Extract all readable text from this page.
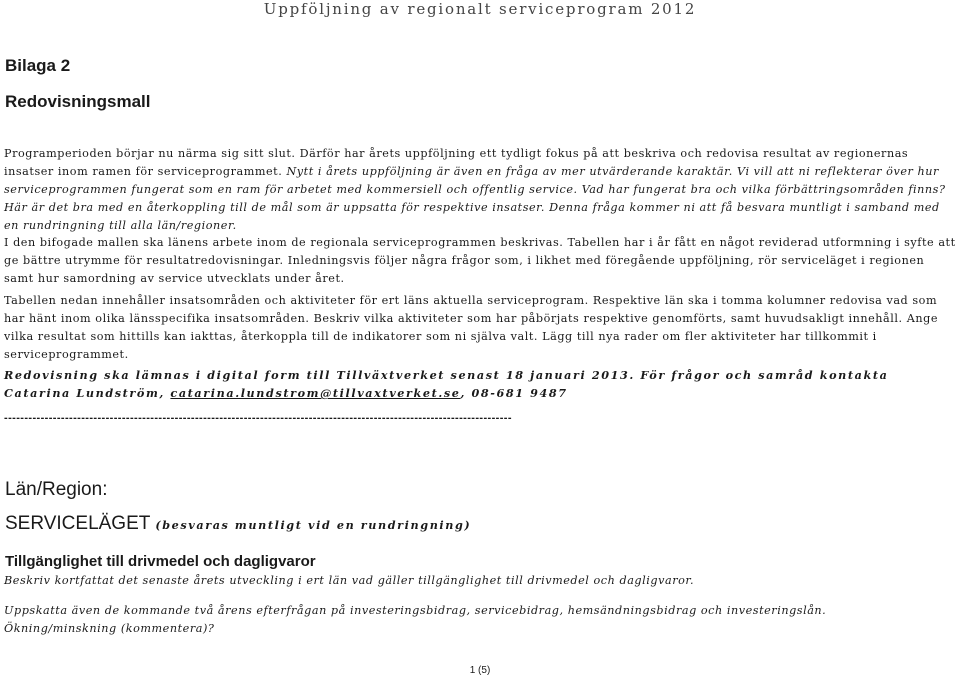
Uppföljning av regionalt serviceprogram 2012
Bilaga 2
Redovisningsmall
Programperioden börjar nu närma sig sitt slut. Därför har årets uppföljning ett tydligt fokus på att beskriva och redovisa resultat av regionernas insatser inom ramen för serviceprogrammet. Nytt i årets uppföljning är även en fråga av mer utvärderande karaktär. Vi vill att ni reflekterar över hur serviceprogrammen fungerat som en ram för arbetet med kommersiell och offentlig service. Vad har fungerat bra och vilka förbättringsområden finns? Här är det bra med en återkoppling till de mål som är uppsatta för respektive insatser. Denna fråga kommer ni att få besvara muntligt i samband med en rundringning till alla län/regioner.
I den bifogade mallen ska länens arbete inom de regionala serviceprogrammen beskrivas. Tabellen har i år fått en något reviderad utformning i syfte att ge bättre utrymme för resultatredovisningar. Inledningsvis följer några frågor som, i likhet med föregående uppföljning, rör serviceläget i regionen samt hur samordning av service utvecklats under året.
Tabellen nedan innehåller insatsområden och aktiviteter för ert läns aktuella serviceprogram. Respektive län ska i tomma kolumner redovisa vad som har hänt inom olika länsspecifika insatsområden. Beskriv vilka aktiviteter som har påbörjats respektive genomförts, samt huvudsakligt innehåll. Ange vilka resultat som hittills kan iakttas, återkoppla till de indikatorer som ni själva valt. Lägg till nya rader om fler aktiviteter har tillkommit i serviceprogrammet.
Redovisning ska lämnas i digital form till Tillväxtverket senast 18 januari 2013. För frågor och samråd kontakta Catarina Lundström, catarina.lundstrom@tillvaxtverket.se, 08-681 9487
-----------------------------------------------------------------------------------------------------------------------------
Län/Region:
SERVICELÄGET (besvaras muntligt vid en rundringning)
Tillgänglighet till drivmedel och dagligvaror
Beskriv kortfattat det senaste årets utveckling i ert län vad gäller tillgänglighet till drivmedel och dagligvaror.
Uppskatta även de kommande två årens efterfrågan på investeringsbidrag, servicebidrag, hemsändningsbidrag och investeringslån.
Ökning/minskning (kommentera)?
1 (5)
